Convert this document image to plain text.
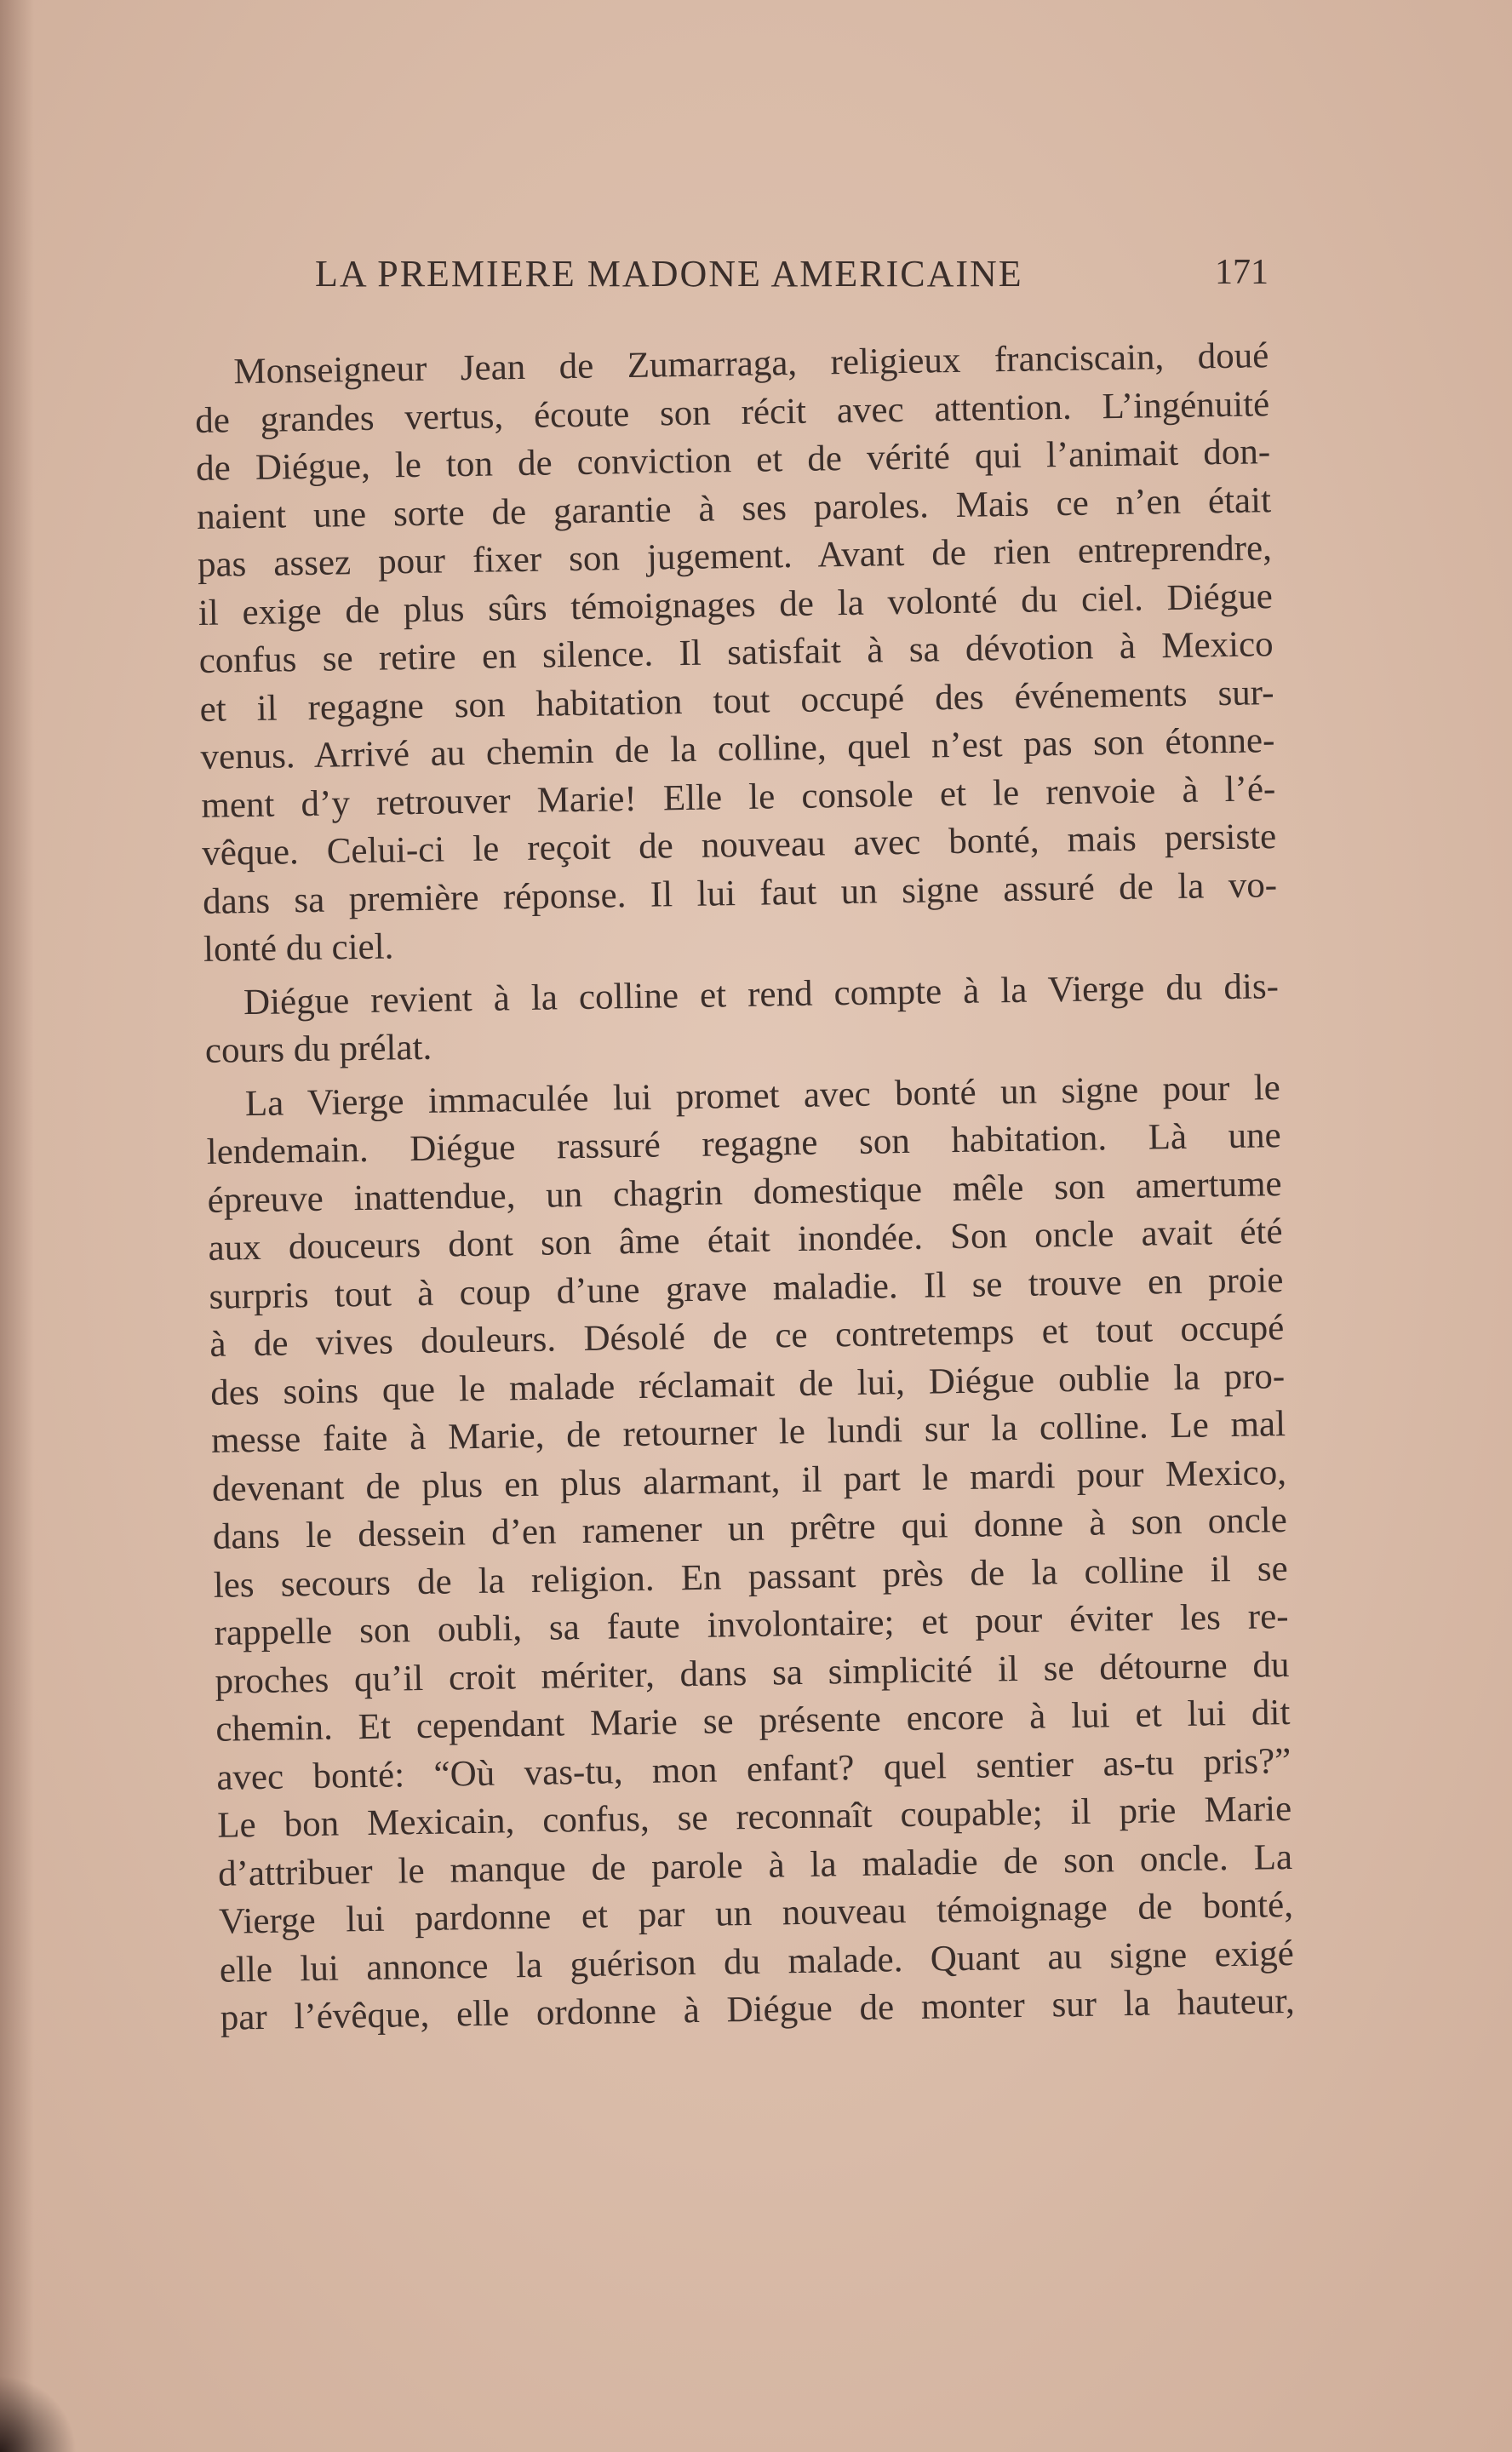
LA PREMIERE MADONE AMERICAINE	171

Monseigneur Jean de Zumarraga, religieux franciscain, doué
de grandes vertus, écoute son récit avec attention. L’ingénuité
de Diégue, le ton de conviction et de vérité qui l’animait don-
naient une sorte de garantie à ses paroles. Mais ce n’en était
pas assez pour fixer son jugement. Avant de rien entreprendre,
il exige de plus sûrs témoignages de la volonté du ciel. Diégue
confus se retire en silence. Il satisfait à sa dévotion à Mexico
et il regagne son habitation tout occupé des événements sur-
venus. Arrivé au chemin de la colline, quel n’est pas son étonne-
ment d’y retrouver Marie! Elle le console et le renvoie à l’é-
vêque. Celui-ci le reçoit de nouveau avec bonté, mais persiste
dans sa première réponse. Il lui faut un signe assuré de la vo-
lonté du ciel.

Diégue revient à la colline et rend compte à la Vierge du dis-
cours du prélat.

La Vierge immaculée lui promet avec bonté un signe pour le
lendemain. Diégue rassuré regagne son habitation. Là une
épreuve inattendue, un chagrin domestique mêle son amertume
aux douceurs dont son âme était inondée. Son oncle avait été
surpris tout à coup d’une grave maladie. Il se trouve en proie
à de vives douleurs. Désolé de ce contretemps et tout occupé
des soins que le malade réclamait de lui, Diégue oublie la pro-
messe faite à Marie, de retourner le lundi sur la colline. Le mal
devenant de plus en plus alarmant, il part le mardi pour Mexico,
dans le dessein d’en ramener un prêtre qui donne à son oncle
les secours de la religion. En passant près de la colline il se
rappelle son oubli, sa faute involontaire; et pour éviter les re-
proches qu’il croit mériter, dans sa simplicité il se détourne du
chemin. Et cependant Marie se présente encore à lui et lui dit
avec bonté: “Où vas-tu, mon enfant? quel sentier as-tu pris?”
Le bon Mexicain, confus, se reconnaît coupable; il prie Marie
d’attribuer le manque de parole à la maladie de son oncle. La
Vierge lui pardonne et par un nouveau témoignage de bonté,
elle lui annonce la guérison du malade. Quant au signe exigé
par l’évêque, elle ordonne à Diégue de monter sur la hauteur,
